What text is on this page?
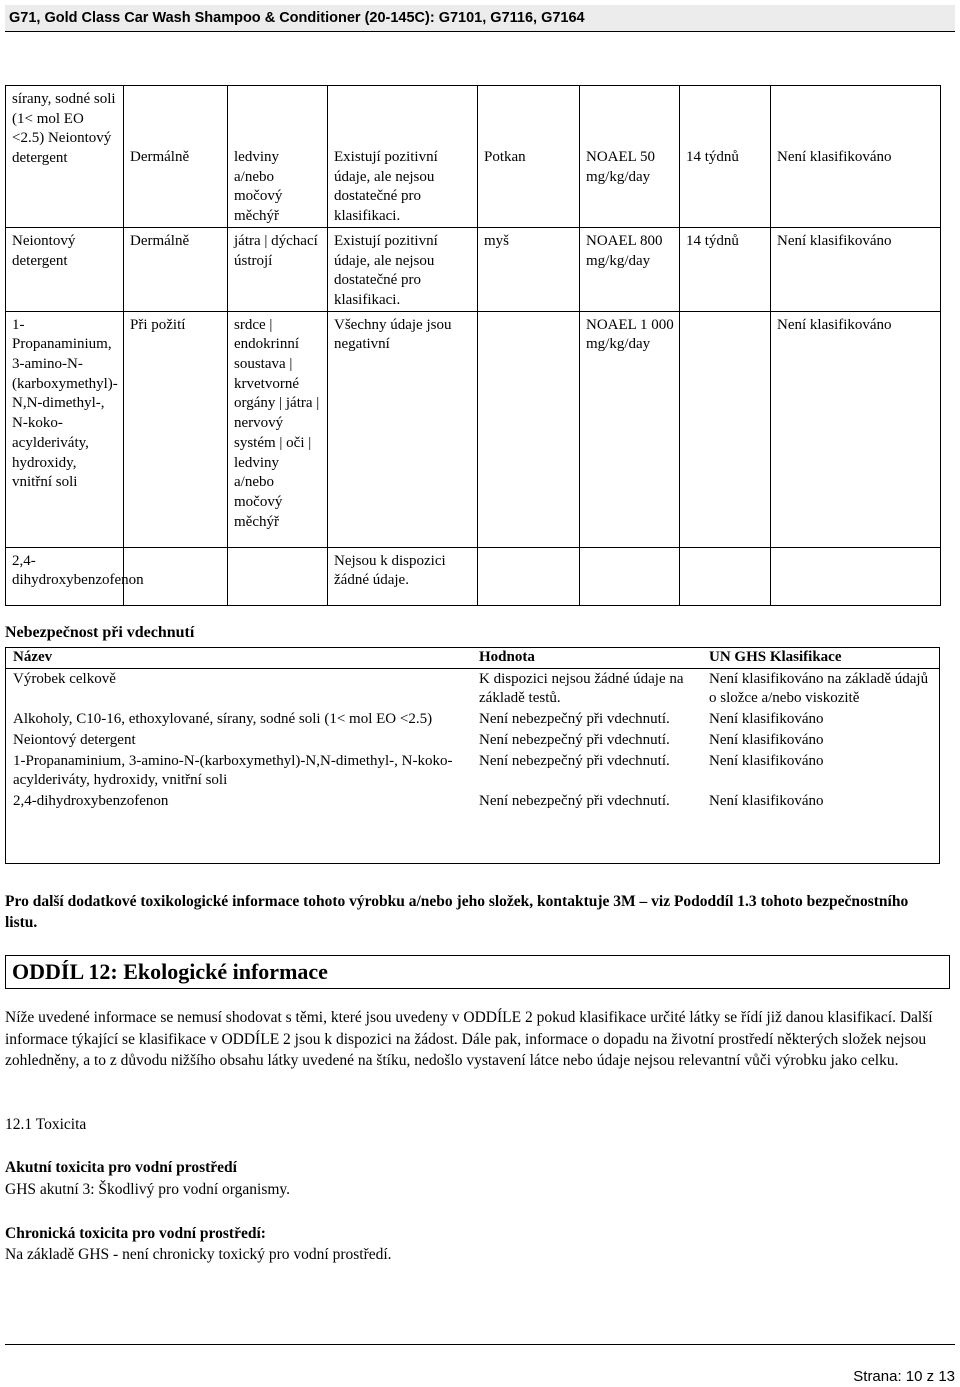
G71, Gold Class Car Wash Shampoo & Conditioner (20-145C): G7101, G7116, G7164
sírany, sodné soli (1< mol EO <2.5) Neiontový detergent	Dermálně	ledviny a/nebo močový měchýř	Existují pozitivní údaje, ale nejsou dostatečné pro klasifikaci.	Potkan	NOAEL 50 mg/kg/day	14 týdnů	Není klasifikováno
Neiontový detergent	Dermálně	játra | dýchací ústrojí	Existují pozitivní údaje, ale nejsou dostatečné pro klasifikaci.	myš	NOAEL 800 mg/kg/day	14 týdnů	Není klasifikováno
1-Propanaminium, 3-amino-N-(karboxymethyl)-N,N-dimethyl-, N-koko-acylderiváty, hydroxidy, vnitřní soli	Při požití	srdce | endokrinní soustava | krvetvorné orgány | játra | nervový systém | oči | ledviny a/nebo močový měchýř	Všechny údaje jsou negativní		NOAEL 1 000 mg/kg/day		Není klasifikováno
2,4-dihydroxybenzofenon			Nejsou k dispozici žádné údaje.				
Nebezpečnost při vdechnutí
Název	Hodnota	UN GHS Klasifikace
Výrobek celkově	K dispozici nejsou žádné údaje na základě testů.	Není klasifikováno na základě údajů o složce a/nebo viskozitě
Alkoholy, C10-16, ethoxylované, sírany, sodné soli (1< mol EO <2.5)	Není nebezpečný při vdechnutí.	Není klasifikováno
Neiontový detergent	Není nebezpečný při vdechnutí.	Není klasifikováno
1-Propanaminium, 3-amino-N-(karboxymethyl)-N,N-dimethyl-, N-koko-acylderiváty, hydroxidy, vnitřní soli	Není nebezpečný při vdechnutí.	Není klasifikováno
2,4-dihydroxybenzofenon	Není nebezpečný při vdechnutí.	Není klasifikováno
Pro další dodatkové toxikologické informace tohoto výrobku a/nebo jeho složek, kontaktuje 3M – viz Pododdíl 1.3 tohoto bezpečnostního listu.
ODDÍL 12: Ekologické informace
Níže uvedené informace se nemusí shodovat s těmi, které jsou uvedeny v ODDÍLE 2 pokud klasifikace určité látky se řídí již danou klasifikací. Další informace týkající se klasifikace v ODDÍLE 2 jsou k dispozici na žádost. Dále pak, informace o dopadu na životní prostředí některých složek nejsou zohledněny, a to z důvodu nižšího obsahu látky uvedené na štíku, nedošlo vystavení látce nebo údaje nejsou relevantní vůči výrobku jako celku.
12.1 Toxicita
Akutní toxicita pro vodní prostředí
GHS akutní 3: Škodlivý pro vodní organismy.
Chronická toxicita pro vodní prostředí:
Na základě GHS - není chronicky toxický pro vodní prostředí.
Strana: 10 z 13
